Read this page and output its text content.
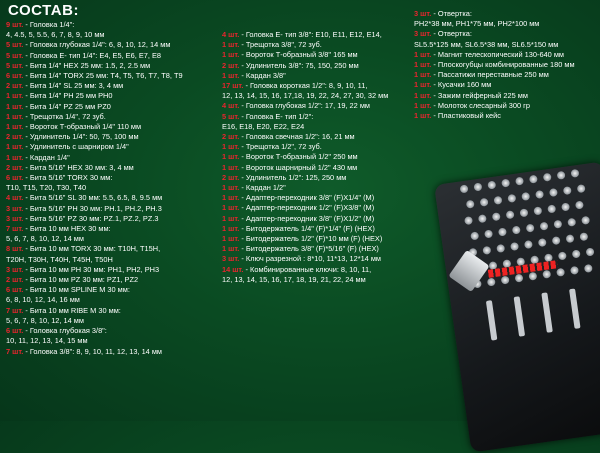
СОСТАВ:
9 шт. - Головка 1/4":
4, 4.5, 5, 5.5, 6, 7, 8, 9, 10 мм
5 шт. - Головка глубокая 1/4": 6, 8, 10, 12, 14 мм
5 шт. - Головка Е- тип 1/4": Е4, Е5, Е6, Е7, Е8
5 шт. - Бита 1/4" HEX 25 мм: 1.5, 2, 2.5 мм
6 шт. - Бита 1/4" TORX 25 мм: Т4, Т5, Т6, Т7, Т8, Т9
2 шт. - Бита 1/4" SL 25 мм: 3, 4 мм
1 шт. - Бита 1/4" PH 25 мм PH0
1 шт. - Бита 1/4" PZ 25 мм PZ0
1 шт. - Трещотка 1/4", 72 зуб.
1 шт. - Вороток Т-образный 1/4" 110 мм
2 шт. - Удлинитель 1/4": 50, 75, 100 мм
1 шт. - Удлинитель с шарниром 1/4"
1 шт. - Кардан 1/4"
2 шт. - Бита 5/16" HEX 30 мм: 3, 4 мм
6 шт. - Бита 5/16" TORX 30 мм:
Т10, Т15, Т20, Т30, Т40
4 шт. - Бита 5/16" SL 30 мм: 5.5, 6.5, 8, 9.5 мм
3 шт. - Бита 5/16" PH 30 мм: PH.1, PH.2, PH.3
3 шт. - Бита 5/16" PZ 30 мм: PZ.1, PZ.2, PZ.3
7 шт. - Бита 10 мм HEX 30 мм:
5, 6, 7, 8, 10, 12, 14 мм
8 шт. - Бита 10 мм TORX 30 мм: Т10Н, Т15Н,
Т20Н, Т30Н, Т40Н, Т45Н, Т50Н
3 шт. - Бита 10 мм PH 30 мм: PH1, PH2, PH3
2 шт. - Бита 10 мм PZ 30 мм: PZ1, PZ2
6 шт. - Бита 10 мм SPLINE M 30 мм:
6, 8, 10, 12, 14, 16 мм
7 шт. - Бита 10 мм RIBE M 30 мм:
5, 6, 7, 8, 10, 12, 14 мм
6 шт. - Головка глубокая 3/8":
10, 11, 12, 13, 14, 15 мм
7 шт. - Головка 3/8": 8, 9, 10, 11, 12, 13, 14 мм
4 шт. - Головка Е- тип 3/8": Е10, Е11, Е12, Е14,
1 шт. - Трещотка 3/8", 72 зуб.
1 шт. - Вороток Т-образный 3/8" 165 мм
2 шт. - Удлинитель 3/8": 75, 150, 250 мм
1 шт. - Кардан 3/8"
17 шт. - Головка короткая 1/2": 8, 9, 10, 11,
12, 13, 14, 15, 16, 17,18, 19, 22, 24, 27, 30, 32 мм
4 шт. - Головка глубокая 1/2": 17, 19, 22 мм
5 шт. - Головка Е- тип 1/2":
Е16, Е18, Е20, Е22, Е24
2 шт. - Головка свечная 1/2": 16, 21 мм
1 шт. - Трещотка 1/2", 72 зуб.
1 шт. - Вороток Т-образный 1/2" 250 мм
1 шт. - Вороток шарнирный 1/2" 430 мм
2 шт. - Удлинитель 1/2": 125, 250 мм
1 шт. - Кардан 1/2"
1 шт. - Адаптер-переходник 3/8" (F)Х1/4" (М)
1 шт. - Адаптер-переходник 1/2" (F)Х3/8" (М)
1 шт. - Адаптер-переходник 3/8" (F)Х1/2" (М)
1 шт. - Битодержатель 1/4" (F)*1/4" (F) (HEX)
1 шт. - Битодержатель 1/2" (F)*10 мм (F) (HEX)
1 шт. - Битодержатель 3/8" (F)*5/16" (F) (HEX)
3 шт. - Ключ разрезной : 8*10, 11*13, 12*14 мм
14 шт. - Комбинированные ключи: 8, 10, 11,
12, 13, 14, 15, 16, 17, 18, 19, 21, 22, 24 мм
3 шт. - Отвертка:
PH2*38 мм, PH1*75 мм, PH2*100 мм
3 шт. - Отвертка:
SL5.5*125 мм, SL6.5*38 мм, SL6.5*150 мм
1 шт. - Магнит телескопический 130-640 мм
1 шт. - Плоскогубцы комбинированные 180 мм
1 шт. - Пассатижи переставные 250 мм
1 шт. - Кусачки 160 мм
1 шт. - Зажим гейферный 225 мм
1 шт. - Молоток слесарный 300 гр
1 шт. - Пластиковый кейс
